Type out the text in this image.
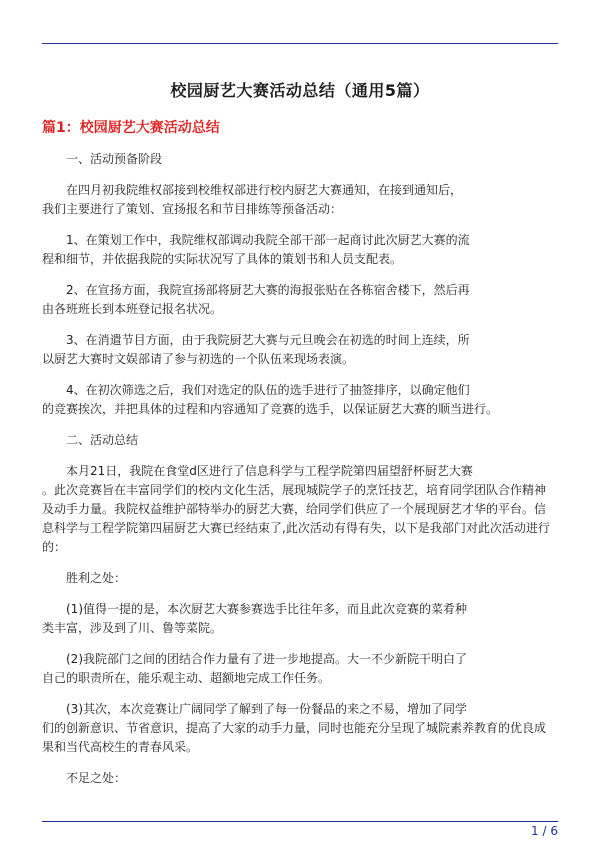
校园厨艺大赛活动总结（通用5篇）
篇1：校园厨艺大赛活动总结
一、活动预备阶段
在四月初我院维权部接到校维权部进行校内厨艺大赛通知，在接到通知后，
我们主要进行了策划、宣扬报名和节目排练等预备活动：
1、在策划工作中，我院维权部调动我院全部干部一起商讨此次厨艺大赛的流
程和细节，并依据我院的实际状况写了具体的策划书和人员支配表。
2、在宣扬方面，我院宣扬部将厨艺大赛的海报张贴在各栋宿舍楼下，然后再
由各班班长到本班登记报名状况。
3、在消遣节目方面，由于我院厨艺大赛与元旦晚会在初选的时间上连续，所
以厨艺大赛时文娱部请了参与初选的一个队伍来现场表演。
4、在初次筛选之后，我们对选定的队伍的选手进行了抽签排序，以确定他们
的竞赛挨次，并把具体的过程和内容通知了竞赛的选手，以保证厨艺大赛的顺当进行。
二、活动总结
本月21日，我院在食堂d区进行了信息科学与工程学院第四届望舒杯厨艺大赛
。此次竞赛旨在丰富同学们的校内文化生活，展现城院学子的烹饪技艺，培育同学团队合作精神
及动手力量。我院权益维护部特举办的厨艺大赛，给同学们供应了一个展现厨艺才华的平台。信
息科学与工程学院第四届厨艺大赛已经结束了,此次活动有得有失，以下是我部门对此次活动进行
的：
胜利之处：
(1)值得一提的是，本次厨艺大赛参赛选手比往年多，而且此次竞赛的菜肴种
类丰富，涉及到了川、鲁等菜院。
(2)我院部门之间的团结合作力量有了进一步地提高。大一不少新院干明白了
自己的职责所在，能乐观主动、超额地完成工作任务。
(3)其次，本次竞赛让广阔同学了解到了每一份餐品的来之不易，增加了同学
们的创新意识、节省意识，提高了大家的动手力量，同时也能充分呈现了城院素养教育的优良成
果和当代高校生的青春风采。
不足之处：
1 / 6
